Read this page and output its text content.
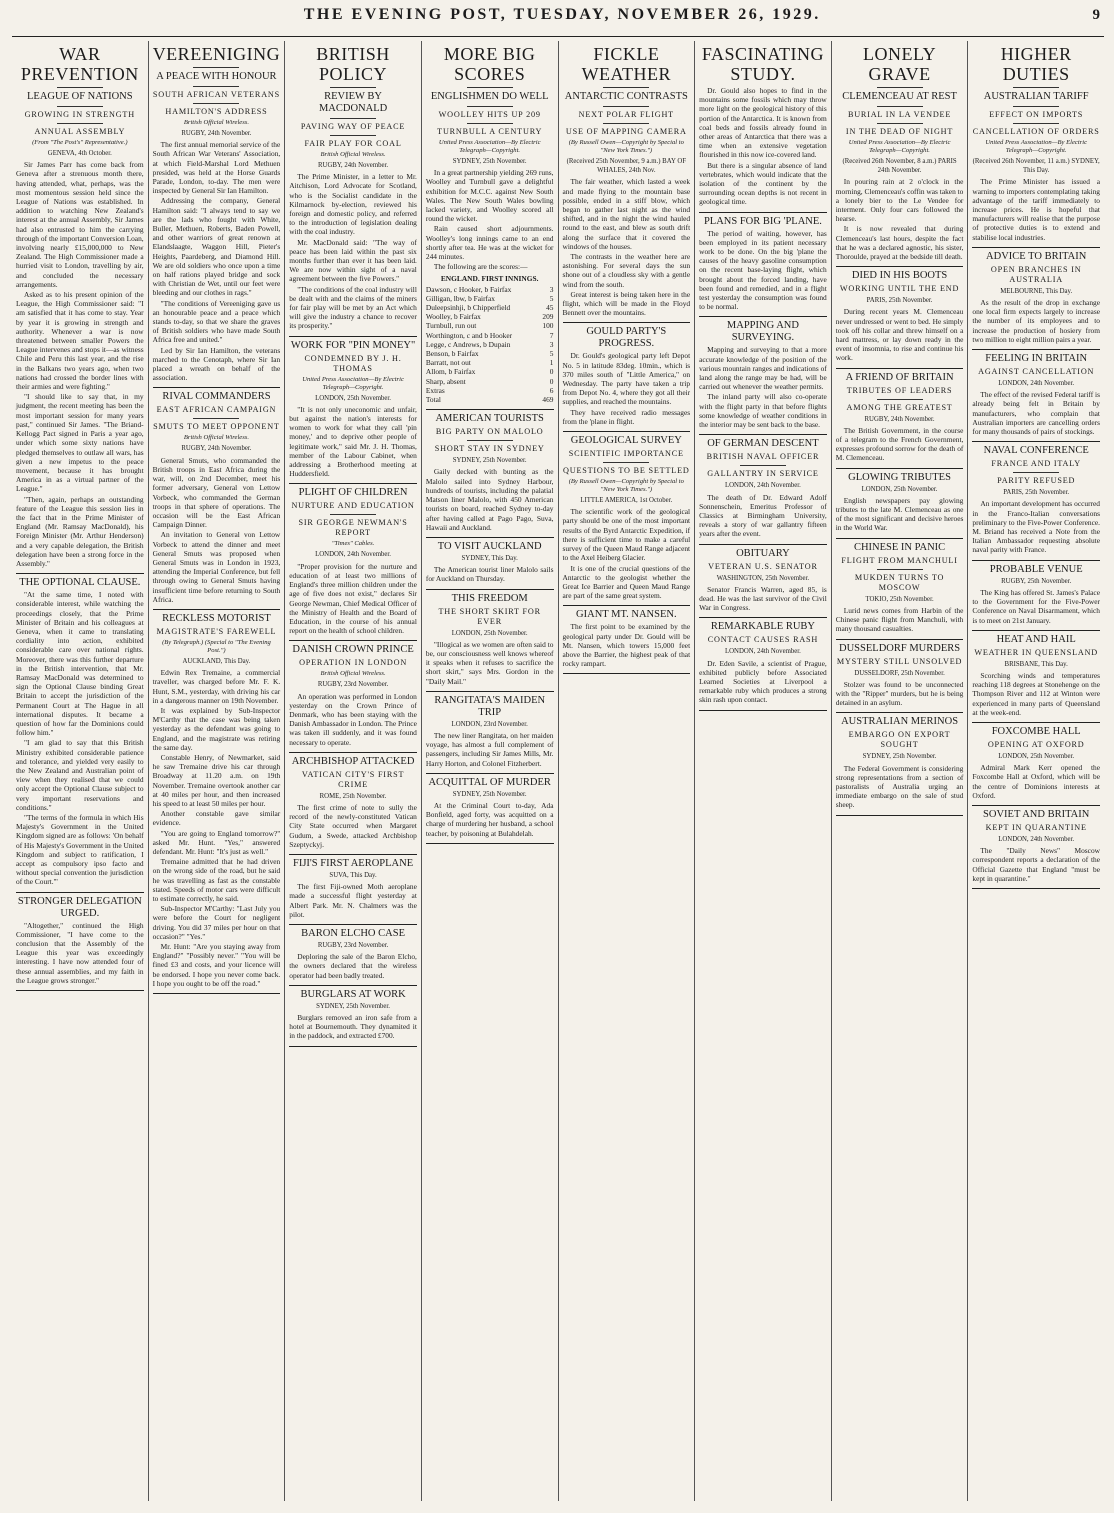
THE EVENING POST, TUESDAY, NOVEMBER 26, 1929.	9
WAR PREVENTION
LEAGUE OF NATIONS
GROWING IN STRENGTH
ANNUAL ASSEMBLY
(From "The Post's" Representative.)
GENEVA, 4th October.

Sir James Parr has come back from Geneva after a strenuous month there, having attended, what, perhaps, was the most momentous session held since the League of Nations was established. In addition to watching New Zealand's interest at the annual Assembly, Sir James had also entrusted to him the carrying through of the important Conversion Loan, involving nearly £15,000,000 to New Zealand. The High Commissioner made a hurried visit to London, travelling by air, and concluded the necessary arrangements.

Asked as to his present opinion of the League, the High Commissioner said: "I am satisfied that it has come to stay. Year by year it is growing in strength and authority. Whenever a war is now threatened between smaller Powers the League intervenes and stops it—as witness Chile and Peru this last year, and the rise in the Balkans two years ago, when two nations had crossed the border lines with their armies and were fighting."

"I should like to say that, in my judgment, the recent meeting has been the most important session for many years past," continued Sir James. "The Briand-Kellogg Pact signed in Paris a year ago, under which some sixty nations have pledged themselves to outlaw all wars, has given a new impetus to the peace movement, because it has brought America in as a virtual partner of the League."

"Then, again, perhaps an outstanding feature of the League this session lies in the fact that in the Prime Minister of England (Mr. Ramsay MacDonald), his Foreign Minister (Mr. Arthur Henderson) and a very capable delegation, the British delegation have been a strong force in the Assembly."

THE OPTIONAL CLAUSE.

"At the same time, I noted with considerable interest, while watching the proceedings closely, that the Prime Minister of Britain and his colleagues at Geneva, when it came to translating cordiality into action, exhibited considerable care over national rights. Moreover, there was this further departure in the British intervention, that Mr. Ramsay MacDonald was determined to sign the Optional Clause binding Great Britain to accept the jurisdiction of the Permanent Court at The Hague in all international disputes. It became a question of how far the Dominions could follow him."

"I am glad to say that this British Ministry exhibited considerable patience and tolerance, and yielded very easily to the New Zealand and Australian point of view when they realised that we could only accept the Optional Clause subject to very important reservations and conditions."

"The terms of the formula in which His Majesty's Government in the United Kingdom signed are as follows: 'On behalf of His Majesty's Government in the United Kingdom and subject to ratification, I accept as compulsory ipso facto and without special convention the jurisdiction of the Court.'"

STRONGER DELEGATION URGED.

"Altogether," continued the High Commissioner, "I have come to the conclusion that the Assembly of the League this year was exceedingly interesting. I have now attended four of these annual assemblies, and my faith in the League grows stronger."

VEREENIGING
A PEACE WITH HONOUR
SOUTH AFRICAN VETERANS
HAMILTON'S ADDRESS
British Official Wireless.
RUGBY, 24th November.

The first annual memorial service of the South African War Veterans' Association, at which Field-Marshal Lord Methuen presided, was held at the Horse Guards Parade, London, to-day. The men were inspected by General Sir Ian Hamilton.

Addressing the company, General Hamilton said: "I always tend to say we are the lads who fought with White, Buller, Methuen, Roberts, Baden Powell, and other warriors of great renown at Elandslaagte, Waggon Hill, Pieter's Heights, Paardeberg, and Diamond Hill. We are old soldiers who once upon a time on half rations played bridge and sock with Christian de Wet, until our feet were bleeding and our clothes in rags."

"The conditions of Vereeniging gave us an honourable peace and a peace which stands to-day, so that we share the graves of British soldiers who have made South Africa free and united."

Led by Sir Ian Hamilton, the veterans marched to the Cenotaph, where Sir Ian placed a wreath on behalf of the association.

RIVAL COMMANDERS
EAST AFRICAN CAMPAIGN
SMUTS TO MEET OPPONENT
British Official Wireless.
RUGBY, 24th November.

General Smuts, who commanded the British troops in East Africa during the war, will, on 2nd December, meet his former adversary, General von Lettow Vorbeck, who commanded the German troops in that sphere of operations. The occasion will be the East African Campaign Dinner.

An invitation to General von Lettow Vorbeck to attend the dinner and meet General Smuts was proposed when General Smuts was in London in 1923, attending the Imperial Conference, but fell through owing to General Smuts having insufficient time before returning to South Africa.

RECKLESS MOTORIST
MAGISTRATE'S FAREWELL
(By Telegraph.) (Special to "The Evening Post.")
AUCKLAND, This Day.

Edwin Rex Tremaine, a commercial traveller, was charged before Mr. F. K. Hunt, S.M., yesterday, with driving his car in a dangerous manner on 19th November.

It was explained by Sub-Inspector M'Carthy that the case was being taken yesterday as the defendant was going to England, and the magistrate was retiring the same day.

Constable Henry, of Newmarket, said he saw Tremaine drive his car through Broadway at 11.20 a.m. on 19th November. Tremaine overtook another car at 40 miles per hour, and then increased his speed to at least 50 miles per hour.

Another constable gave similar evidence.

"You are going to England tomorrow?" asked Mr. Hunt. "Yes," answered defendant. Mr. Hunt: "It's just as well."

Tremaine admitted that he had driven on the wrong side of the road, but he said he was travelling as fast as the constable stated. Speeds of motor cars were difficult to estimate correctly, he said.

Sub-Inspector M'Carthy: "Last July you were before the Court for negligent driving. You did 37 miles per hour on that occasion?" "Yes."

Mr. Hunt: "Are you staying away from England?" "Possibly never." "You will be fined £3 and costs, and your licence will be endorsed. I hope you never come back. I hope you ought to be off the road."

BRITISH POLICY
REVIEW BY MACDONALD
PAVING WAY OF PEACE
FAIR PLAY FOR COAL
British Official Wireless.
RUGBY, 24th November.

The Prime Minister, in a letter to Mr. Aitchison, Lord Advocate for Scotland, who is the Socialist candidate in the Kilmarnock by-election, reviewed his foreign and domestic policy, and referred to the introduction of legislation dealing with the coal industry.

Mr. MacDonald said: "The way of peace has been laid within the past six months further than ever it has been laid. We are now within sight of a naval agreement between the five Powers."

"The conditions of the coal industry will be dealt with and the claims of the miners for fair play will be met by an Act which will give the industry a chance to recover its prosperity."

WORK FOR "PIN MONEY"
CONDEMNED BY J. H. THOMAS
United Press Association—By Electric Telegraph—Copyright.
LONDON, 25th November.

"It is not only uneconomic and unfair, but against the nation's interests for women to work for what they call 'pin money,' and to deprive other people of legitimate work," said Mr. J. H. Thomas, member of the Labour Cabinet, when addressing a Brotherhood meeting at Huddersfield.

PLIGHT OF CHILDREN
NURTURE AND EDUCATION
SIR GEORGE NEWMAN'S REPORT
"Times" Cables.
LONDON, 24th November.

"Proper provision for the nurture and education of at least two millions of England's three million children under the age of five does not exist," declares Sir George Newman, Chief Medical Officer of the Ministry of Health and the Board of Education, in the course of his annual report on the health of school children.

DANISH CROWN PRINCE
OPERATION IN LONDON
British Official Wireless.
RUGBY, 23rd November.

An operation was performed in London yesterday on the Crown Prince of Denmark, who has been staying with the Danish Ambassador in London. The Prince was taken ill suddenly, and it was found necessary to operate.

ARCHBISHOP ATTACKED
VATICAN CITY'S FIRST CRIME
ROME, 25th November.

The first crime of note to sully the record of the newly-constituted Vatican City State occurred when Margaret Gudum, a Swede, attacked Archbishop Szeptyckyj.

FIJI'S FIRST AEROPLANE
SUVA, This Day.

The first Fiji-owned Moth aeroplane made a successful flight yesterday at Albert Park. Mr. N. Chalmers was the pilot.

BARON ELCHO CASE
RUGBY, 23rd November.

Deploring the sale of the Baron Elcho, the owners declared that the wireless operator had been badly treated.

BURGLARS AT WORK
SYDNEY, 25th November.

Burglars removed an iron safe from a hotel at Bournemouth. They dynamited it in the paddock, and extracted £700.

MORE BIG SCORES
ENGLISHMEN DO WELL
WOOLLEY HITS UP 209
TURNBULL A CENTURY
United Press Association—By Electric Telegraph—Copyright.
SYDNEY, 25th November.

In a great partnership yielding 269 runs, Woolley and Turnbull gave a delightful exhibition for M.C.C. against New South Wales. The New South Wales bowling lacked variety, and Woolley scored all round the wicket.

Rain caused short adjournments. Woolley's long innings came to an end shortly after tea. He was at the wicket for 244 minutes.

The following are the scores:—

ENGLAND. FIRST INNINGS.
Dawson, c Hooker, b Fairfax	3
Gilligan, lbw, b Fairfax	5
Duleepsinhji, b Chipperfield	45
Woolley, b Fairfax	209
Turnbull, run out	100
Worthington, c and b Hooker	7
Legge, c Andrews, b Dupain	3
Benson, b Fairfax	5
Barratt, not out	1
Allom, b Fairfax	0
Sharp, absent	0
Extras	6
Total	469
AMERICAN TOURISTS
BIG PARTY ON MALOLO
SHORT STAY IN SYDNEY
SYDNEY, 25th November.

Gaily decked with bunting as the Malolo sailed into Sydney Harbour, hundreds of tourists, including the palatial Matson liner Malolo, with 450 American tourists on board, reached Sydney to-day after having called at Pago Pago, Suva, Hawaii and Auckland.

TO VISIT AUCKLAND
SYDNEY, This Day.

The American tourist liner Malolo sails for Auckland on Thursday.

THIS FREEDOM
THE SHORT SKIRT FOR EVER
LONDON, 25th November.

"Illogical as we women are often said to be, our consciousness well knows whereof it speaks when it refuses to sacrifice the short skirt," says Mrs. Gordon in the "Daily Mail."

RANGITATA'S MAIDEN TRIP
LONDON, 23rd November.

The new liner Rangitata, on her maiden voyage, has almost a full complement of passengers, including Sir James Mills, Mr. Harry Horton, and Colonel Fitzherbert.

ACQUITTAL OF MURDER
SYDNEY, 25th November.

At the Criminal Court to-day, Ada Bonfield, aged forty, was acquitted on a charge of murdering her husband, a school teacher, by poisoning at Bulahdelah.

FICKLE WEATHER
ANTARCTIC CONTRASTS
NEXT POLAR FLIGHT
USE OF MAPPING CAMERA
(By Russell Owen—Copyright by Special to "New York Times.")
(Received 25th November, 9 a.m.) BAY OF WHALES, 24th Nov.

The fair weather, which lasted a week and made flying to the mountain base possible, ended in a stiff blow, which began to gather last night as the wind shifted, and in the night the wind hauled round to the east, and blew as south drift along the surface that it covered the windows of the houses.

The contrasts in the weather here are astonishing. For several days the sun shone out of a cloudless sky with a gentle wind from the south.

Great interest is being taken here in the flight, which will be made in the Floyd Bennett over the mountains.

GOULD PARTY'S PROGRESS.

Dr. Gould's geological party left Depot No. 5 in latitude 83deg. 10min., which is 370 miles south of "Little America," on Wednesday. The party have taken a trip from Depot No. 4, where they got all their supplies, and reached the mountains.

They have received radio messages from the 'plane in flight.

GEOLOGICAL SURVEY
SCIENTIFIC IMPORTANCE
QUESTIONS TO BE SETTLED
(By Russell Owen—Copyright by Special to "New York Times.")
LITTLE AMERICA, 1st October.

The scientific work of the geological party should be one of the most important results of the Byrd Antarctic Expedition, if there is sufficient time to make a careful survey of the Queen Maud Range adjacent to the Axel Heiberg Glacier.

It is one of the crucial questions of the Antarctic to the geologist whether the Great Ice Barrier and Queen Maud Range are part of the same great system.

GIANT MT. NANSEN.

The first point to be examined by the geological party under Dr. Gould will be Mt. Nansen, which towers 15,000 feet above the Barrier, the highest peak of that rocky rampart.

FASCINATING STUDY.

Dr. Gould also hopes to find in the mountains some fossils which may throw more light on the geological history of this portion of the Antarctica. It is known from coal beds and fossils already found in other areas of Antarctica that there was a time when an extensive vegetation flourished in this now ice-covered land.

But there is a singular absence of land vertebrates, which would indicate that the isolation of the continent by the surrounding ocean depths is not recent in geological time.

PLANS FOR BIG 'PLANE.

The period of waiting, however, has been employed in its patient necessary work to be done. On the big 'plane the causes of the heavy gasoline consumption on the recent base-laying flight, which brought about the forced landing, have been found and remedied, and in a flight test yesterday the consumption was found to be normal.

MAPPING AND SURVEYING.

Mapping and surveying to that a more accurate knowledge of the position of the various mountain ranges and indications of land along the range may be had, will be carried out whenever the weather permits.

The inland party will also co-operate with the flight party in that before flights some knowledge of weather conditions in the interior may be sent back to the base.

OF GERMAN DESCENT
BRITISH NAVAL OFFICER
GALLANTRY IN SERVICE
LONDON, 24th November.

The death of Dr. Edward Adolf Sonnenschein, Emeritus Professor of Classics at Birmingham University, reveals a story of war gallantry fifteen years after the event.

OBITUARY
VETERAN U.S. SENATOR
WASHINGTON, 25th November.

Senator Francis Warren, aged 85, is dead. He was the last survivor of the Civil War in Congress.

REMARKABLE RUBY
CONTACT CAUSES RASH
LONDON, 24th November.

Dr. Eden Savile, a scientist of Prague, exhibited publicly before Associated Learned Societies at Liverpool a remarkable ruby which produces a strong skin rash upon contact.

LONELY GRAVE
CLEMENCEAU AT REST
BURIAL IN LA VENDEE
IN THE DEAD OF NIGHT
United Press Association—By Electric Telegraph—Copyright.
(Received 26th November, 8 a.m.) PARIS 24th November.

In pouring rain at 2 o'clock in the morning, Clemenceau's coffin was taken to a lonely bier to the Le Vendee for interment. Only four cars followed the hearse.

It is now revealed that during Clemenceau's last hours, despite the fact that he was a declared agnostic, his sister, Thoroulde, prayed at the bedside till death.

DIED IN HIS BOOTS
WORKING UNTIL THE END
PARIS, 25th November.

During recent years M. Clemenceau never undressed or went to bed. He simply took off his collar and threw himself on a hard mattress, or lay down ready in the event of insomnia, to rise and continue his work.

A FRIEND OF BRITAIN
TRIBUTES OF LEADERS
AMONG THE GREATEST
RUGBY, 24th November.

The British Government, in the course of a telegram to the French Government, expresses profound sorrow for the death of M. Clemenceau.

GLOWING TRIBUTES
LONDON, 25th November.

English newspapers pay glowing tributes to the late M. Clemenceau as one of the most significant and decisive heroes in the World War.

CHINESE IN PANIC
FLIGHT FROM MANCHULI
MUKDEN TURNS TO MOSCOW
TOKIO, 25th November.

Lurid news comes from Harbin of the Chinese panic flight from Manchuli, with many thousand casualties.

DUSSELDORF MURDERS
MYSTERY STILL UNSOLVED
DUSSELDORF, 25th November.

Stolzer was found to be unconnected with the "Ripper" murders, but he is being detained in an asylum.

AUSTRALIAN MERINOS
EMBARGO ON EXPORT SOUGHT
SYDNEY, 25th November.

The Federal Government is considering strong representations from a section of pastoralists of Australia urging an immediate embargo on the sale of stud sheep.

HIGHER DUTIES
AUSTRALIAN TARIFF
EFFECT ON IMPORTS
CANCELLATION OF ORDERS
United Press Association—By Electric Telegraph—Copyright.
(Received 26th November, 11 a.m.) SYDNEY, This Day.

The Prime Minister has issued a warning to importers contemplating taking advantage of the tariff immediately to increase prices. He is hopeful that manufacturers will realise that the purpose of protective duties is to extend and stabilise local industries.

ADVICE TO BRITAIN
OPEN BRANCHES IN AUSTRALIA
MELBOURNE, This Day.

As the result of the drop in exchange one local firm expects largely to increase the number of its employees and to increase the production of hosiery from two million to eight million pairs a year.

FEELING IN BRITAIN
AGAINST CANCELLATION
LONDON, 24th November.

The effect of the revised Federal tariff is already being felt in Britain by manufacturers, who complain that Australian importers are cancelling orders for many thousands of pairs of stockings.

NAVAL CONFERENCE
FRANCE AND ITALY
PARITY REFUSED
PARIS, 25th November.

An important development has occurred in the Franco-Italian conversations preliminary to the Five-Power Conference. M. Briand has received a Note from the Italian Ambassador requesting absolute naval parity with France.

PROBABLE VENUE
RUGBY, 25th November.

The King has offered St. James's Palace to the Government for the Five-Power Conference on Naval Disarmament, which is to meet on 21st January.

HEAT AND HAIL
WEATHER IN QUEENSLAND
BRISBANE, This Day.

Scorching winds and temperatures reaching 118 degrees at Stonehenge on the Thompson River and 112 at Winton were experienced in many parts of Queensland at the week-end.

FOXCOMBE HALL
OPENING AT OXFORD
LONDON, 25th November.

Admiral Mark Kerr opened the Foxcombe Hall at Oxford, which will be the centre of Dominions interests at Oxford.

SOVIET AND BRITAIN
KEPT IN QUARANTINE
LONDON, 24th November.

The "Daily News" Moscow correspondent reports a declaration of the Official Gazette that England "must be kept in quarantine."
